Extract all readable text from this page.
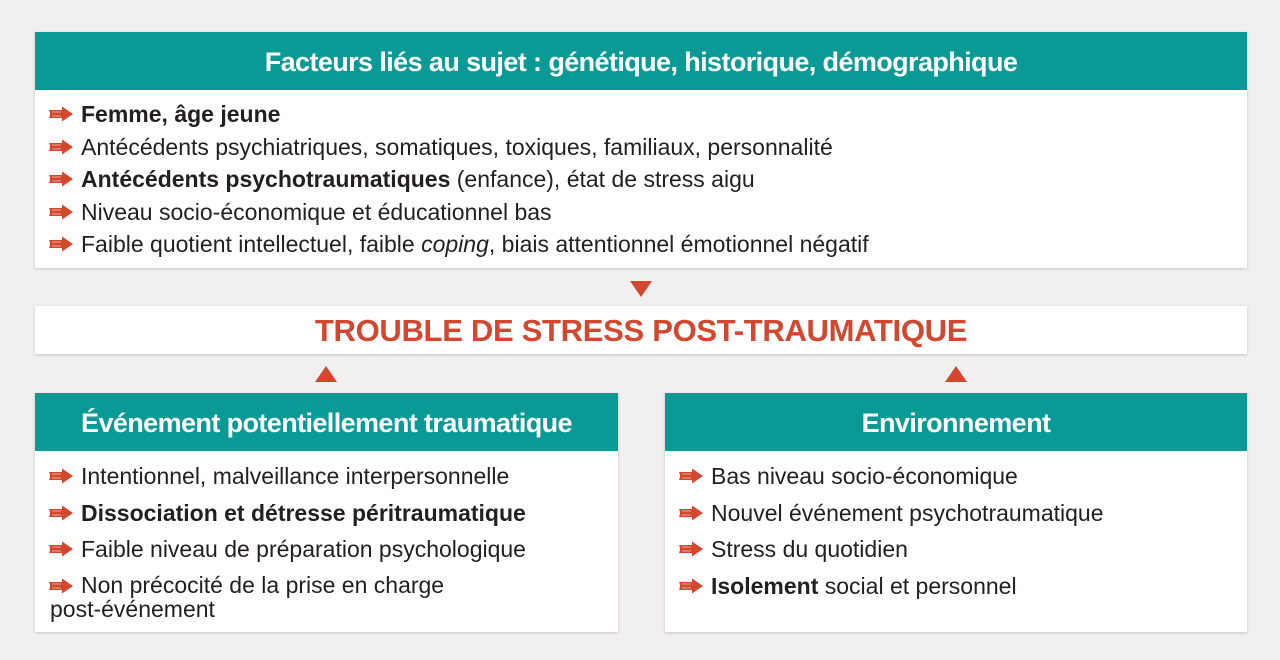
Facteurs liés au sujet : génétique, historique, démographique
Femme, âge jeune
Antécédents psychiatriques, somatiques, toxiques, familiaux, personnalité
Antécédents psychotraumatiques (enfance), état de stress aigu
Niveau socio-économique et éducationnel bas
Faible quotient intellectuel, faible coping, biais attentionnel émotionnel négatif
TROUBLE DE STRESS POST-TRAUMATIQUE
Événement potentiellement traumatique
Intentionnel, malveillance interpersonnelle
Dissociation et détresse péritraumatique
Faible niveau de préparation psychologique
Non précocité de la prise en charge
post-événement
Environnement
Bas niveau socio-économique
Nouvel événement psychotraumatique
Stress du quotidien
Isolement social et personnel
